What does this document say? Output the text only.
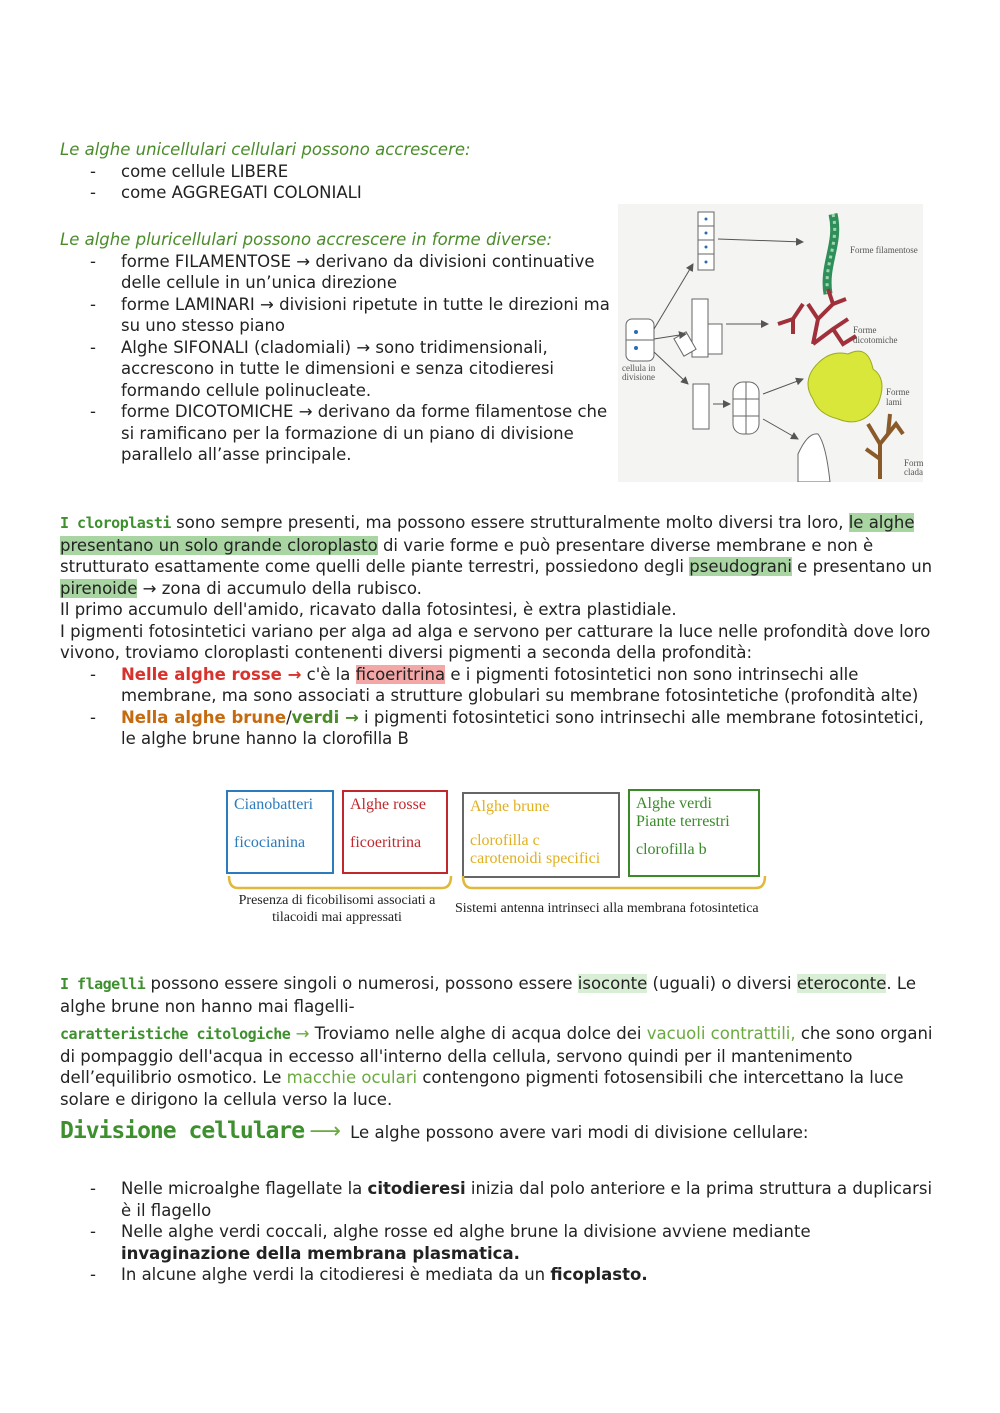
Le alghe unicellulari cellulari possono accrescere:
- come cellule LIBERE
- come AGGREGATI COLONIALI
Le alghe pluricellulari possono accrescere in forme diverse:
- forme FILAMENTOSE → derivano da divisioni continuative delle cellule in un’unica direzione
- forme LAMINARI → divisioni ripetute in tutte le direzioni ma su uno stesso piano
- Alghe SIFONALI (cladomiali) → sono tridimensionali, accrescono in tutte le dimensioni e senza citodieresi formando cellule polinucleate.
- forme DICOTOMICHE → derivano da forme filamentose che si ramificano per la formazione di un piano di divisione parallelo all’asse principale.
cellula in divisione
Forme filamentose
Forme dicotomiche
Forme lami
Form clada
I cloroplasti sono sempre presenti, ma possono essere strutturalmente molto diversi tra loro, le alghe presentano un solo grande cloroplasto di varie forme e può presentare diverse membrane e non è strutturato esattamente come quelli delle piante terrestri, possiedono degli pseudograni e presentano un pirenoide → zona di accumulo della rubisco.
Il primo accumulo dell'amido, ricavato dalla fotosintesi, è extra plastidiale.
I pigmenti fotosintetici variano per alga ad alga e servono per catturare la luce nelle profondità dove loro vivono, troviamo cloroplasti contenenti diversi pigmenti a seconda della profondità:
- Nelle alghe rosse → c'è la ficoeritrina e i pigmenti fotosintetici non sono intrinsechi alle membrane, ma sono associati a strutture globulari su membrane fotosintetiche (profondità alte)
- Nella alghe brune/verdi → i pigmenti fotosintetici sono intrinsechi alle membrane fotosintetici, le alghe brune hanno la clorofilla B
Cianobatteri
ficocianina
Alghe rosse
ficoeritrina
Alghe brune
clorofilla c
carotenoidi specifici
Alghe verdi
Piante terrestri
clorofilla b
Presenza di ficobilisomi associati a
tilacoidi mai appressati
Sistemi antenna intrinseci alla membrana fotosintetica
I flagelli possono essere singoli o numerosi, possono essere isoconte (uguali) o diversi eteroconte. Le alghe brune non hanno mai flagelli-
caratteristiche citologiche → Troviamo nelle alghe di acqua dolce dei vacuoli contrattili, che sono organi di pompaggio dell'acqua in eccesso all'interno della cellula, servono quindi per il mantenimento dell’equilibrio osmotico. Le macchie oculari contengono pigmenti fotosensibili che intercettano la luce solare e dirigono la cellula verso la luce.
Divisione cellulare ⟶ Le alghe possono avere vari modi di divisione cellulare:
- Nelle microalghe flagellate la citodieresi inizia dal polo anteriore e la prima struttura a duplicarsi è il flagello
- Nelle alghe verdi coccali, alghe rosse ed alghe brune la divisione avviene mediante invaginazione della membrana plasmatica.
- In alcune alghe verdi la citodieresi è mediata da un ficoplasto.
